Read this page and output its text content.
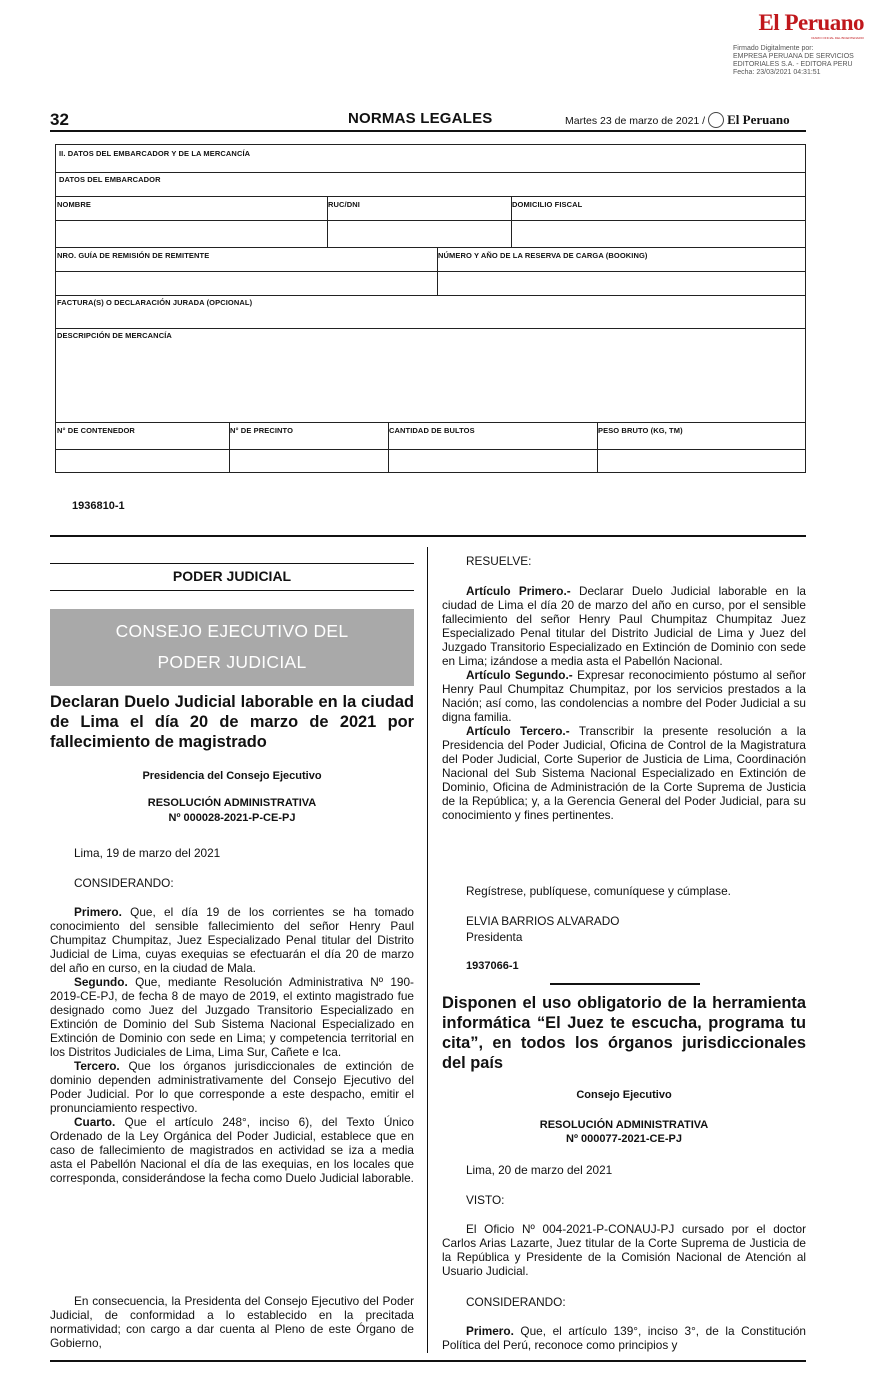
El Peruano
DIARIO OFICIAL DEL BICENTENARIO
Firmado Digitalmente por:
EMPRESA PERUANA DE SERVICIOS
EDITORIALES S.A. - EDITORA PERU
Fecha: 23/03/2021 04:31:51
32	NORMAS LEGALES	Martes 23 de marzo de 2021 / El Peruano
II. DATOS DEL EMBARCADOR Y DE LA MERCANCÍA
DATOS DEL EMBARCADOR
NOMBRE	RUC/DNI	DOMICILIO FISCAL
NRO. GUÍA DE REMISIÓN DE REMITENTE	NÚMERO Y AÑO DE LA RESERVA DE CARGA (BOOKING)
FACTURA(S) O DECLARACIÓN JURADA (OPCIONAL)
DESCRIPCIÓN DE MERCANCÍA
N° DE CONTENEDOR	N° DE PRECINTO	CANTIDAD DE BULTOS	PESO BRUTO (KG, TM)
1936810-1
PODER JUDICIAL
CONSEJO EJECUTIVO DEL
PODER JUDICIAL
Declaran Duelo Judicial laborable en la ciudad de Lima el día 20 de marzo de 2021 por fallecimiento de magistrado
Presidencia del Consejo Ejecutivo
RESOLUCIÓN ADMINISTRATIVA
Nº 000028-2021-P-CE-PJ

Lima, 19 de marzo del 2021

CONSIDERANDO:

Primero. Que, el día 19 de los corrientes se ha tomado conocimiento del sensible fallecimiento del señor Henry Paul Chumpitaz Chumpitaz, Juez Especializado Penal titular del Distrito Judicial de Lima, cuyas exequias se efectuarán el día 20 de marzo del año en curso, en la ciudad de Mala.

Segundo. Que, mediante Resolución Administrativa Nº 190-2019-CE-PJ, de fecha 8 de mayo de 2019, el extinto magistrado fue designado como Juez del Juzgado Transitorio Especializado en Extinción de Dominio del Sub Sistema Nacional Especializado en Extinción de Dominio con sede en Lima; y competencia territorial en los Distritos Judiciales de Lima, Lima Sur, Cañete e Ica.

Tercero. Que los órganos jurisdiccionales de extinción de dominio dependen administrativamente del Consejo Ejecutivo del Poder Judicial. Por lo que corresponde a este despacho, emitir el pronunciamiento respectivo.

Cuarto. Que el artículo 248°, inciso 6), del Texto Único Ordenado de la Ley Orgánica del Poder Judicial, establece que en caso de fallecimiento de magistrados en actividad se iza a media asta el Pabellón Nacional el día de las exequias, en los locales que corresponda, considerándose la fecha como Duelo Judicial laborable.

En consecuencia, la Presidenta del Consejo Ejecutivo del Poder Judicial, de conformidad a lo establecido en la precitada normatividad; con cargo a dar cuenta al Pleno de este Órgano de Gobierno,

RESUELVE:

Artículo Primero.- Declarar Duelo Judicial laborable en la ciudad de Lima el día 20 de marzo del año en curso, por el sensible fallecimiento del señor Henry Paul Chumpitaz Chumpitaz Juez Especializado Penal titular del Distrito Judicial de Lima y Juez del Juzgado Transitorio Especializado en Extinción de Dominio con sede en Lima; izándose a media asta el Pabellón Nacional.

Artículo Segundo.- Expresar reconocimiento póstumo al señor Henry Paul Chumpitaz Chumpitaz, por los servicios prestados a la Nación; así como, las condolencias a nombre del Poder Judicial a su digna familia.

Artículo Tercero.- Transcribir la presente resolución a la Presidencia del Poder Judicial, Oficina de Control de la Magistratura del Poder Judicial, Corte Superior de Justicia de Lima, Coordinación Nacional del Sub Sistema Nacional Especializado en Extinción de Dominio, Oficina de Administración de la Corte Suprema de Justicia de la República; y, a la Gerencia General del Poder Judicial, para su conocimiento y fines pertinentes.

Regístrese, publíquese, comuníquese y cúmplase.

ELVIA BARRIOS ALVARADO

Presidenta

1937066-1
Disponen el uso obligatorio de la herramienta informática “El Juez te escucha, programa tu cita”, en todos los órganos jurisdiccionales del país
Consejo Ejecutivo
RESOLUCIÓN ADMINISTRATIVA
Nº 000077-2021-CE-PJ

Lima, 20 de marzo del 2021

VISTO:

El Oficio Nº 004-2021-P-CONAUJ-PJ cursado por el doctor Carlos Arias Lazarte, Juez titular de la Corte Suprema de Justicia de la República y Presidente de la Comisión Nacional de Atención al Usuario Judicial.

CONSIDERANDO:

Primero. Que, el artículo 139°, inciso 3°, de la Constitución Política del Perú, reconoce como principios y
